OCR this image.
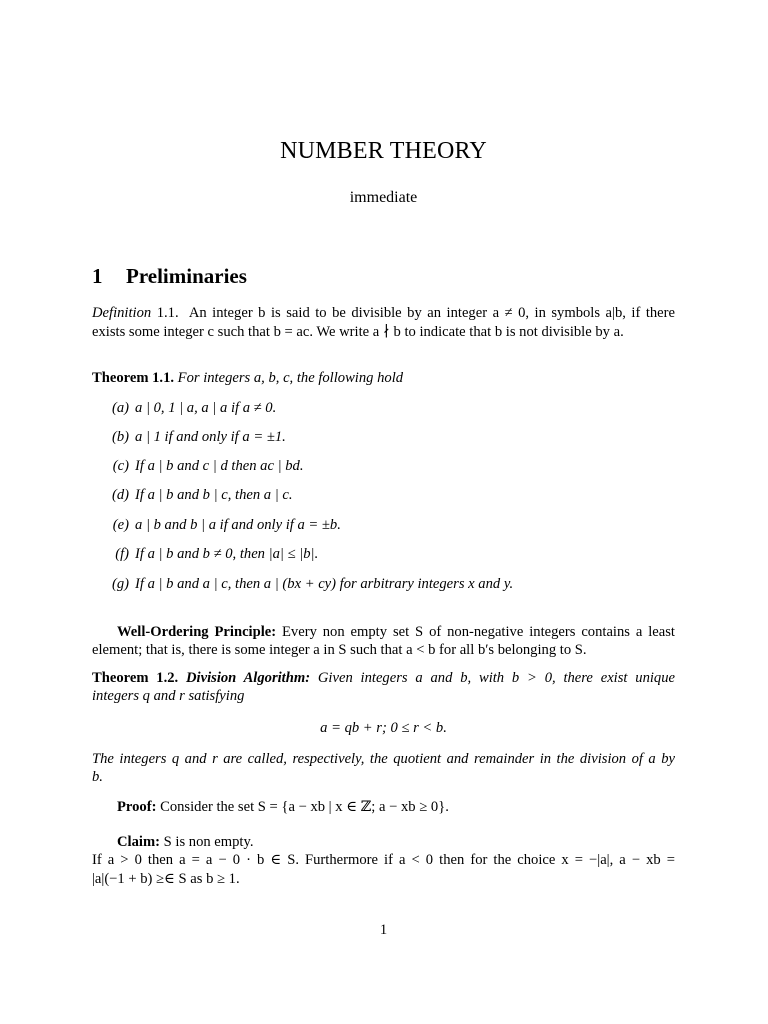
NUMBER THEORY
immediate
1 Preliminaries
Definition 1.1. An integer b is said to be divisible by an integer a ≠ 0, in symbols a|b, if there
exists some integer c such that b = ac. We write a ∤ b to indicate that b is not divisible by a.
Theorem 1.1. For integers a, b, c, the following hold
(a) a | 0, 1 | a, a | a if a ≠ 0.
(b) a | 1 if and only if a = ±1.
(c) If a | b and c | d then ac | bd.
(d) If a | b and b | c, then a | c.
(e) a | b and b | a if and only if a = ±b.
(f) If a | b and b ≠ 0, then |a| ≤ |b|.
(g) If a | b and a | c, then a | (bx + cy) for arbitrary integers x and y.
Well-Ordering Principle: Every non empty set S of non-negative integers contains a least
element; that is, there is some integer a in S such that a < b for all b′s belonging to S.
Theorem 1.2. Division Algorithm: Given integers a and b, with b > 0, there exist unique
integers q and r satisfying
a = qb + r; 0 ≤ r < b.
The integers q and r are called, respectively, the quotient and remainder in the division of a by
b.
Proof: Consider the set S = {a − xb | x ∈ ℤ; a − xb ≥ 0}.
Claim: S is non empty.
If a > 0 then a = a − 0 · b ∈ S. Furthermore if a < 0 then for the choice x = −|a|, a − xb =
|a|(−1 + b) ≥∈ S as b ≥ 1.
1
